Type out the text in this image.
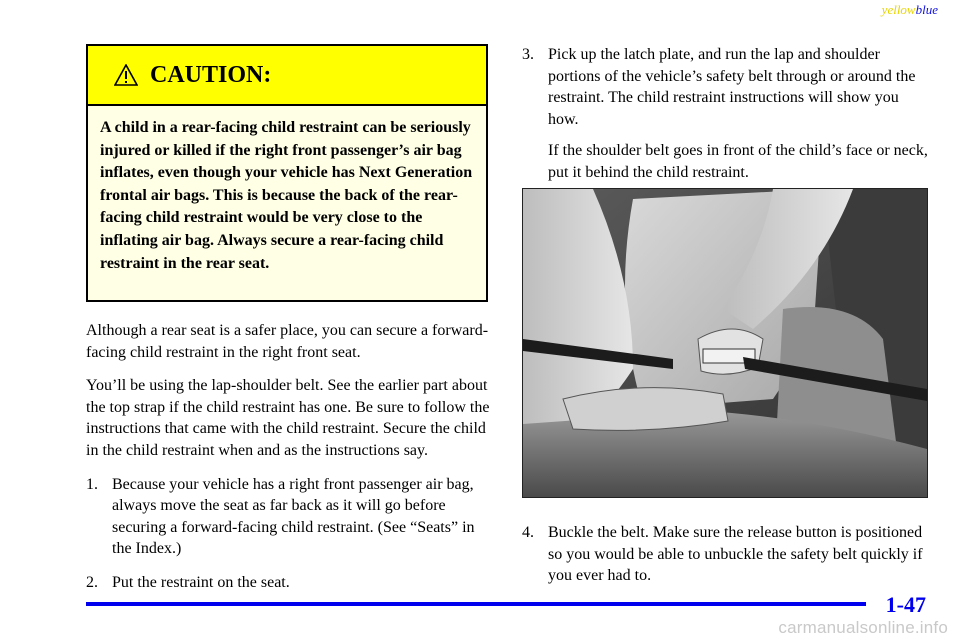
yellowblue
CAUTION:
A child in a rear-facing child restraint can be seriously injured or killed if the right front passenger’s air bag inflates, even though your vehicle has Next Generation frontal air bags. This is because the back of the rear-facing child restraint would be very close to the inflating air bag. Always secure a rear-facing child restraint in the rear seat.

Although a rear seat is a safer place, you can secure a forward-facing child restraint in the right front seat.

You’ll be using the lap-shoulder belt. See the earlier part about the top strap if the child restraint has one. Be sure to follow the instructions that came with the child restraint. Secure the child in the child restraint when and as the instructions say.

1. Because your vehicle has a right front passenger air bag, always move the seat as far back as it will go before securing a forward-facing child restraint. (See “Seats” in the Index.)
2. Put the restraint on the seat.
3. Pick up the latch plate, and run the lap and shoulder portions of the vehicle’s safety belt through or around the restraint. The child restraint instructions will show you how.

If the shoulder belt goes in front of the child’s face or neck, put it behind the child restraint.

4. Buckle the belt. Make sure the release button is positioned so you would be able to unbuckle the safety belt quickly if you ever had to.
1-47
carmanualsonline.info
